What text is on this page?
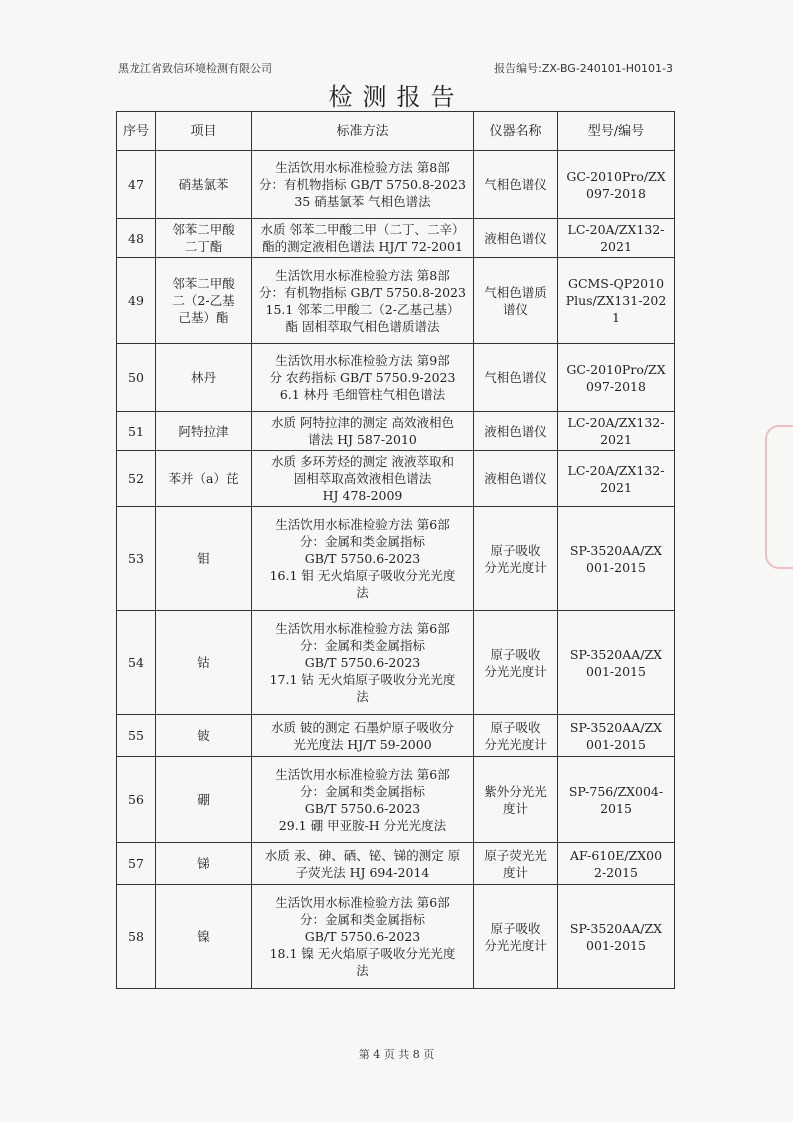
黑龙江省致信环境检测有限公司	报告编号:ZX-BG-240101-H0101-3
检测报告
序号	项目	标准方法	仪器名称	型号/编号
47	硝基氯苯	生活饮用水标准检验方法 第8部
分：有机物指标 GB/T 5750.8-2023
35 硝基氯苯 气相色谱法	气相色谱仪	GC-2010Pro/ZX
097-2018

48	邻苯二甲酸
二丁酯	水质 邻苯二甲酸二甲（二丁、二辛）
酯的测定液相色谱法 HJ/T 72-2001	液相色谱仪	LC-20A/ZX132-
2021

49	邻苯二甲酸
二（2-乙基
己基）酯	生活饮用水标准检验方法 第8部
分：有机物指标 GB/T 5750.8-2023
15.1 邻苯二甲酸二（2-乙基己基）
酯 固相萃取气相色谱质谱法	气相色谱质
谱仪	GCMS-QP2010
Plus/ZX131-202
1

50	林丹	生活饮用水标准检验方法 第9部
分 农药指标 GB/T 5750.9-2023
6.1 林丹 毛细管柱气相色谱法	气相色谱仪	GC-2010Pro/ZX
097-2018

51	阿特拉津	水质 阿特拉津的测定 高效液相色
谱法 HJ 587-2010	液相色谱仪	LC-20A/ZX132-
2021

52	苯并（a）芘	水质 多环芳烃的测定 液液萃取和
固相萃取高效液相色谱法
HJ 478-2009	液相色谱仪	LC-20A/ZX132-
2021

53	钼	生活饮用水标准检验方法 第6部
分：金属和类金属指标
GB/T 5750.6-2023
16.1 钼 无火焰原子吸收分光光度
法	原子吸收
分光光度计	SP-3520AA/ZX
001-2015

54	钴	生活饮用水标准检验方法 第6部
分：金属和类金属指标
GB/T 5750.6-2023
17.1 钴 无火焰原子吸收分光光度
法	原子吸收
分光光度计	SP-3520AA/ZX
001-2015

55	铍	水质 铍的测定 石墨炉原子吸收分
光光度法 HJ/T 59-2000	原子吸收
分光光度计	SP-3520AA/ZX
001-2015

56	硼	生活饮用水标准检验方法 第6部
分：金属和类金属指标
GB/T 5750.6-2023
29.1 硼 甲亚胺-H 分光光度法	紫外分光光
度计	SP-756/ZX004-
2015

57	锑	水质 汞、砷、硒、铋、锑的测定 原
子荧光法 HJ 694-2014	原子荧光光
度计	AF-610E/ZX00
2-2015

58	镍	生活饮用水标准检验方法 第6部
分：金属和类金属指标
GB/T 5750.6-2023
18.1 镍 无火焰原子吸收分光光度
法	原子吸收
分光光度计	SP-3520AA/ZX
001-2015
第 4 页 共 8 页
